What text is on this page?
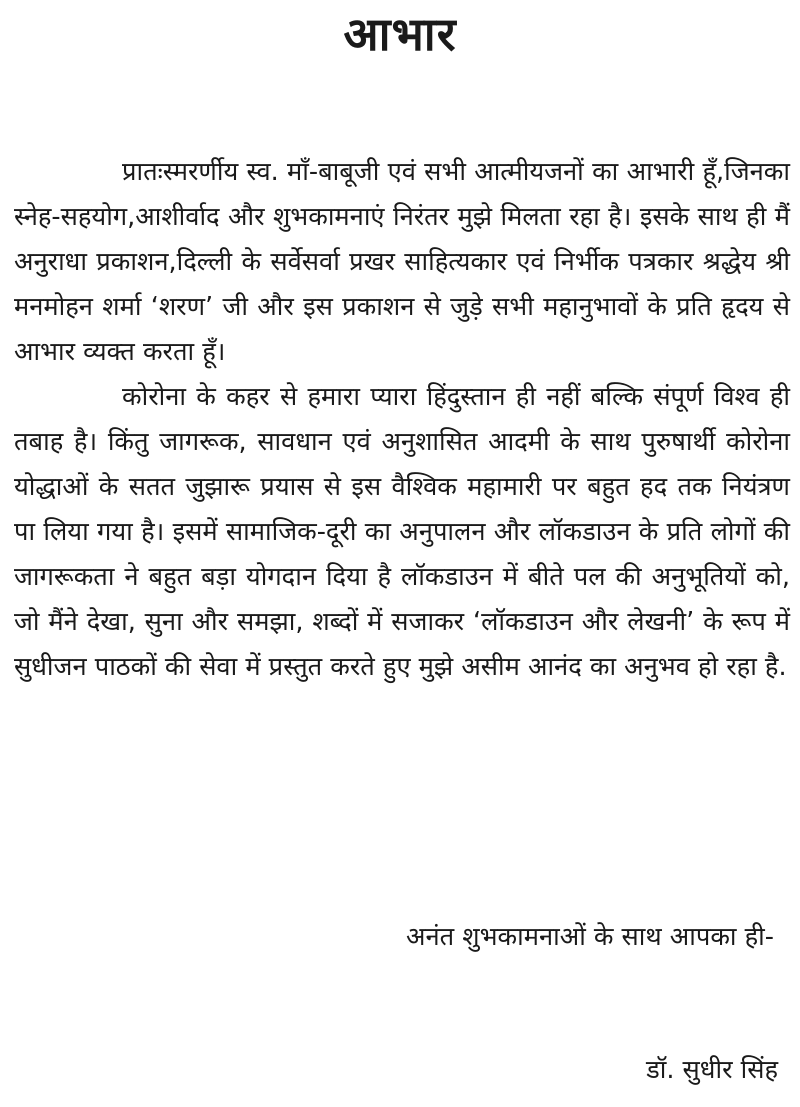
आभार

प्रातःस्मरर्णीय स्व. माँ-बाबूजी एवं सभी आत्मीयजनों का आभारी हूँ,जिनका स्नेह-सहयोग,आशीर्वाद और शुभकामनाएं निरंतर मुझे मिलता रहा है। इसके साथ ही मैं अनुराधा प्रकाशन,दिल्ली के सर्वेसर्वा प्रखर साहित्यकार एवं निर्भीक पत्रकार श्रद्धेय श्री मनमोहन शर्मा ‘शरण’ जी और इस प्रकाशन से जुड़े सभी महानुभावों के प्रति हृदय से आभार व्यक्त करता हूँ।

कोरोना के कहर से हमारा प्यारा हिंदुस्तान ही नहीं बल्कि संपूर्ण विश्व ही तबाह है। किंतु जागरूक, सावधान एवं अनुशासित आदमी के साथ पुरुषार्थी कोरोना योद्धाओं के सतत जुझारू प्रयास से इस वैश्विक महामारी पर बहुत हद तक नियंत्रण पा लिया गया है। इसमें सामाजिक-दूरी का अनुपालन और लॉकडाउन के प्रति लोगों की जागरूकता ने बहुत बड़ा योगदान दिया है लॉकडाउन में बीते पल की अनुभूतियों को, जो मैंने देखा, सुना और समझा, शब्दों में सजाकर ‘लॉकडाउन और लेखनी’ के रूप में सुधीजन पाठकों की सेवा में प्रस्तुत करते हुए मुझे असीम आनंद का अनुभव हो रहा है.

अनंत शुभकामनाओं के साथ आपका ही-
डॉ. सुधीर सिंह
